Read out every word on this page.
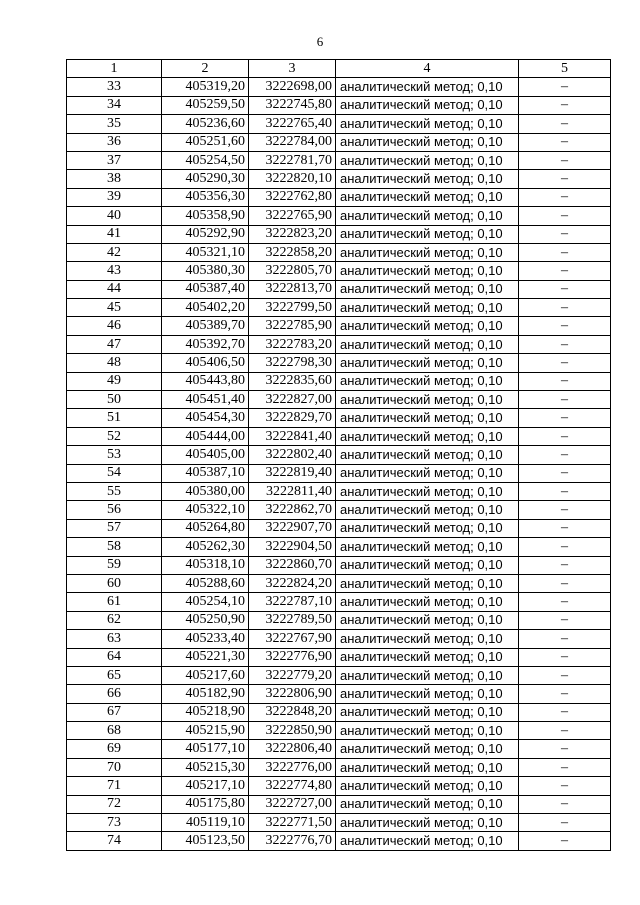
6
1	2	3	4	5
33	405319,20	3222698,00	аналитический метод; 0,10	–
34	405259,50	3222745,80	аналитический метод; 0,10	–
35	405236,60	3222765,40	аналитический метод; 0,10	–
36	405251,60	3222784,00	аналитический метод; 0,10	–
37	405254,50	3222781,70	аналитический метод; 0,10	–
38	405290,30	3222820,10	аналитический метод; 0,10	–
39	405356,30	3222762,80	аналитический метод; 0,10	–
40	405358,90	3222765,90	аналитический метод; 0,10	–
41	405292,90	3222823,20	аналитический метод; 0,10	–
42	405321,10	3222858,20	аналитический метод; 0,10	–
43	405380,30	3222805,70	аналитический метод; 0,10	–
44	405387,40	3222813,70	аналитический метод; 0,10	–
45	405402,20	3222799,50	аналитический метод; 0,10	–
46	405389,70	3222785,90	аналитический метод; 0,10	–
47	405392,70	3222783,20	аналитический метод; 0,10	–
48	405406,50	3222798,30	аналитический метод; 0,10	–
49	405443,80	3222835,60	аналитический метод; 0,10	–
50	405451,40	3222827,00	аналитический метод; 0,10	–
51	405454,30	3222829,70	аналитический метод; 0,10	–
52	405444,00	3222841,40	аналитический метод; 0,10	–
53	405405,00	3222802,40	аналитический метод; 0,10	–
54	405387,10	3222819,40	аналитический метод; 0,10	–
55	405380,00	3222811,40	аналитический метод; 0,10	–
56	405322,10	3222862,70	аналитический метод; 0,10	–
57	405264,80	3222907,70	аналитический метод; 0,10	–
58	405262,30	3222904,50	аналитический метод; 0,10	–
59	405318,10	3222860,70	аналитический метод; 0,10	–
60	405288,60	3222824,20	аналитический метод; 0,10	–
61	405254,10	3222787,10	аналитический метод; 0,10	–
62	405250,90	3222789,50	аналитический метод; 0,10	–
63	405233,40	3222767,90	аналитический метод; 0,10	–
64	405221,30	3222776,90	аналитический метод; 0,10	–
65	405217,60	3222779,20	аналитический метод; 0,10	–
66	405182,90	3222806,90	аналитический метод; 0,10	–
67	405218,90	3222848,20	аналитический метод; 0,10	–
68	405215,90	3222850,90	аналитический метод; 0,10	–
69	405177,10	3222806,40	аналитический метод; 0,10	–
70	405215,30	3222776,00	аналитический метод; 0,10	–
71	405217,10	3222774,80	аналитический метод; 0,10	–
72	405175,80	3222727,00	аналитический метод; 0,10	–
73	405119,10	3222771,50	аналитический метод; 0,10	–
74	405123,50	3222776,70	аналитический метод; 0,10	–
